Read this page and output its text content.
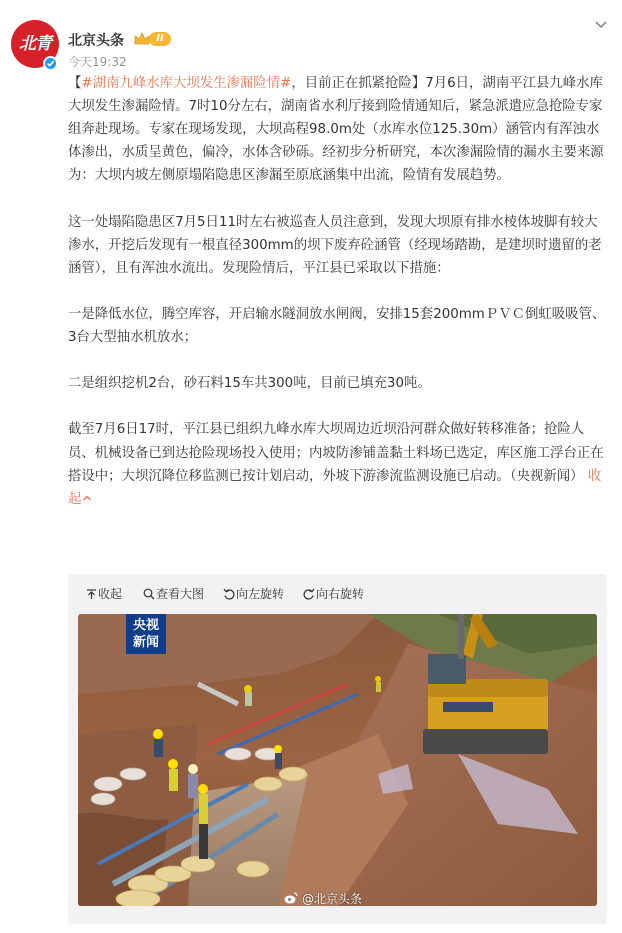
北青	北京头条	II
今天19:32

【#湖南九峰水库大坝发生渗漏险情#，目前正在抓紧抢险】7月6日，湖南平江县九峰水库大坝发生渗漏险情。7时10分左右，湖南省水利厅接到险情通知后，紧急派遣应急抢险专家组奔赴现场。专家在现场发现，大坝高程98.0m处（水库水位125.30m）涵管内有浑浊水体渗出，水质呈黄色，偏冷，水体含砂砾。经初步分析研究，本次渗漏险情的漏水主要来源为：大坝内坡左侧原塌陷隐患区渗漏至原底涵集中出流，险情有发展趋势。

这一处塌陷隐患区7月5日11时左右被巡查人员注意到，发现大坝原有排水棱体坡脚有较大渗水，开挖后发现有一根直径300mm的坝下废弃砼涵管（经现场踏勘，是建坝时遗留的老涵管），且有浑浊水流出。发现险情后，平江县已采取以下措施：

一是降低水位，腾空库容，开启输水隧洞放水闸阀，安排15套200mmＰＶＣ倒虹吸吸管、3台大型抽水机放水；

二是组织挖机2台，砂石料15车共300吨，目前已填充30吨。

截至7月6日17时，平江县已组织九峰水库大坝周边近坝沿河群众做好转移准备；抢险人员、机械设备已到达抢险现场投入使用；内坡防渗铺盖黏土料场已选定，库区施工浮台正在搭设中；大坝沉降位移监测已按计划启动，外坡下游渗流监测设施已启动。（央视新闻） 收起

收起	查看大图	向左旋转	向右旋转
央视
新闻
@北京头条
